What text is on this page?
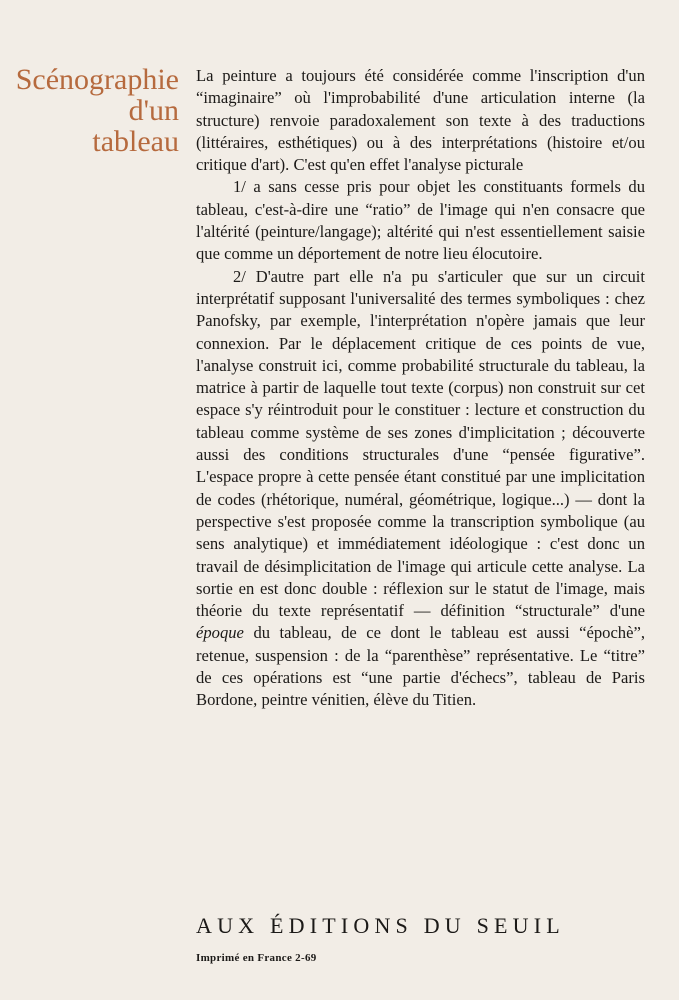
Scénographie
d'un
tableau

La peinture a toujours été considérée comme l'inscription d'un “imaginaire” où l'improbabilité d'une articulation interne (la structure) renvoie paradoxalement son texte à des traductions (littéraires, esthétiques) ou à des interprétations (histoire et/ou critique d'art). C'est qu'en effet l'analyse picturale

1/ a sans cesse pris pour objet les constituants formels du tableau, c'est-à-dire une “ratio” de l'image qui n'en consacre que l'altérité (peinture/langage); altérité qui n'est essentiellement saisie que comme un déportement de notre lieu élocutoire.

2/ D'autre part elle n'a pu s'articuler que sur un circuit interprétatif supposant l'universalité des termes symboliques : chez Panofsky, par exemple, l'interprétation n'opère jamais que leur connexion. Par le déplacement critique de ces points de vue, l'analyse construit ici, comme probabilité structurale du tableau, la matrice à partir de laquelle tout texte (corpus) non construit sur cet espace s'y réintroduit pour le constituer : lecture et construction du tableau comme système de ses zones d'implicitation ; découverte aussi des conditions structurales d'une “pensée figurative”. L'espace propre à cette pensée étant constitué par une implicitation de codes (rhétorique, numéral, géométrique, logique...) — dont la perspective s'est proposée comme la transcription symbolique (au sens analytique) et immédiatement idéologique : c'est donc un travail de désimplicitation de l'image qui articule cette analyse. La sortie en est donc double : réflexion sur le statut de l'image, mais théorie du texte représentatif — définition “structurale” d'une époque du tableau, de ce dont le tableau est aussi “épochè”, retenue, suspension : de la “parenthèse” représentative. Le “titre” de ces opérations est “une partie d'échecs”, tableau de Paris Bordone, peintre vénitien, élève du Titien.

AUX ÉDITIONS DU SEUIL
Imprimé en France 2-69
